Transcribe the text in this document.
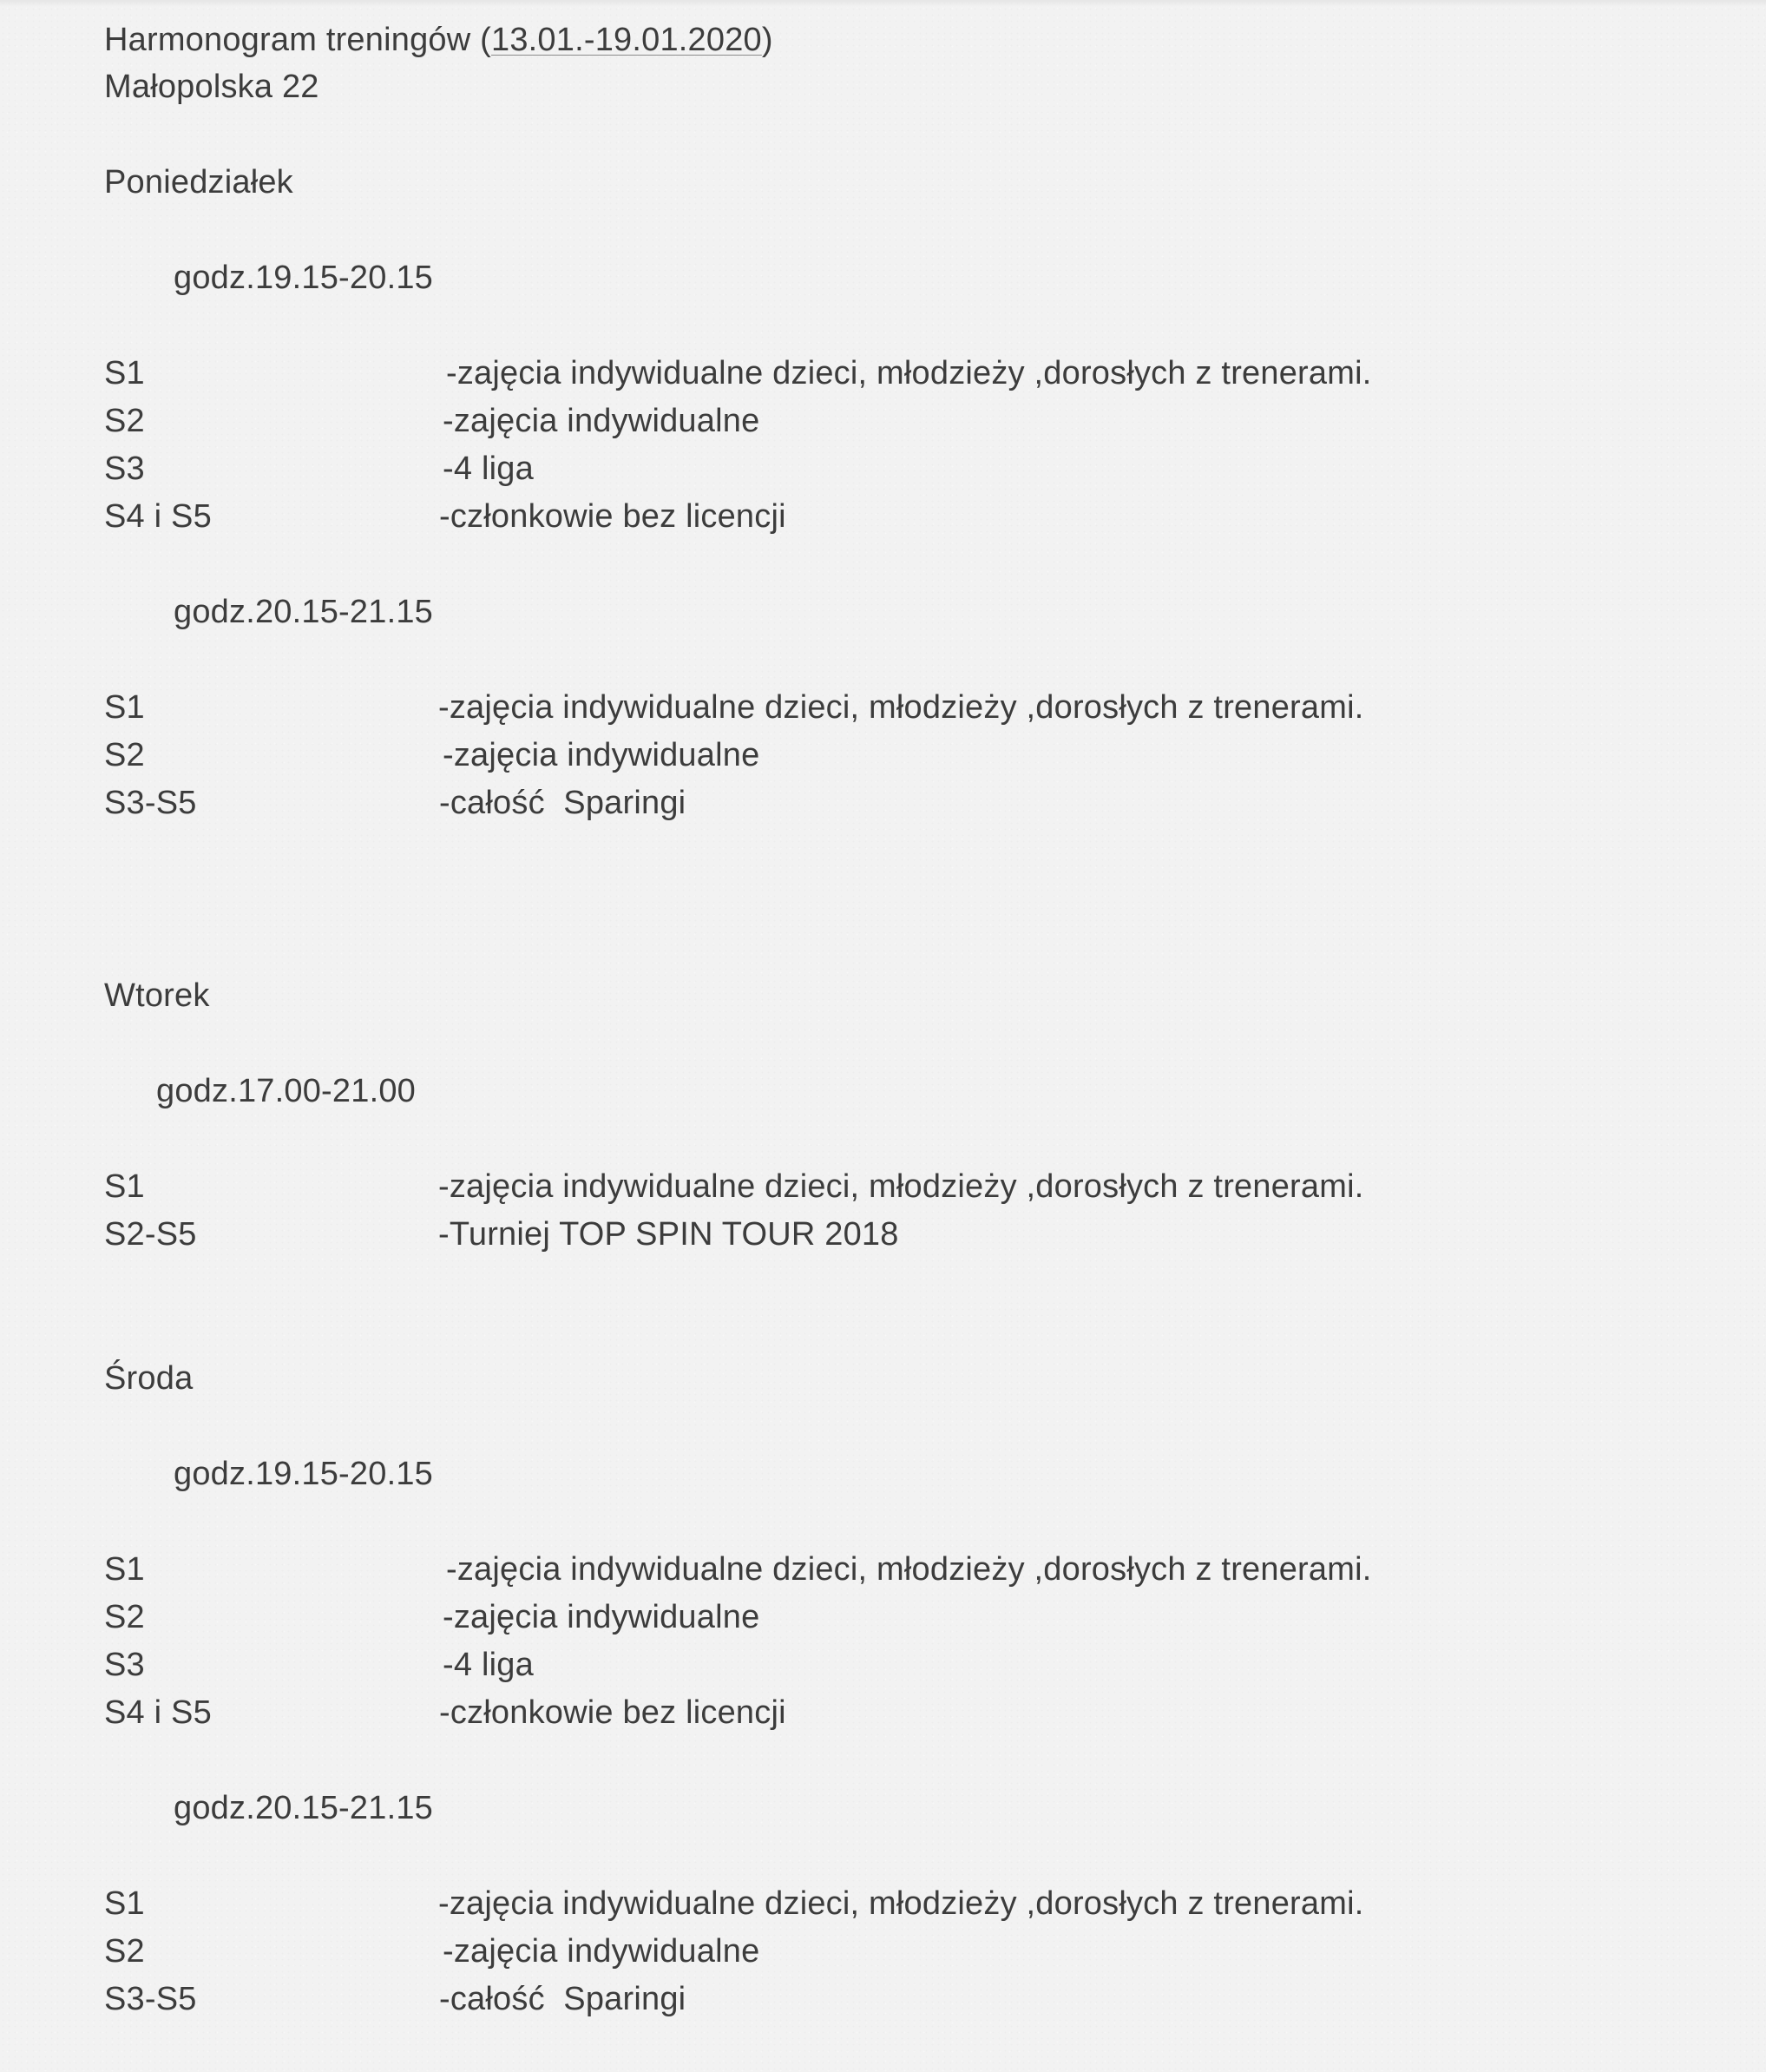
Harmonogram treningów (13.01.-19.01.2020)
Małopolska 22
Poniedziałek
godz.19.15-20.15
S1	-zajęcia indywidualne dzieci, młodzieży ,dorosłych z trenerami.
S2	-zajęcia indywidualne
S3	-4 liga
S4 i S5	-członkowie bez licencji
godz.20.15-21.15
S1	-zajęcia indywidualne dzieci, młodzieży ,dorosłych z trenerami.
S2	-zajęcia indywidualne
S3-S5	-całość  Sparingi
Wtorek
godz.17.00-21.00
S1	-zajęcia indywidualne dzieci, młodzieży ,dorosłych z trenerami.
S2-S5	-Turniej TOP SPIN TOUR 2018
Środa
godz.19.15-20.15
S1	-zajęcia indywidualne dzieci, młodzieży ,dorosłych z trenerami.
S2	-zajęcia indywidualne
S3	-4 liga
S4 i S5	-członkowie bez licencji
godz.20.15-21.15
S1	-zajęcia indywidualne dzieci, młodzieży ,dorosłych z trenerami.
S2	-zajęcia indywidualne
S3-S5	-całość  Sparingi
